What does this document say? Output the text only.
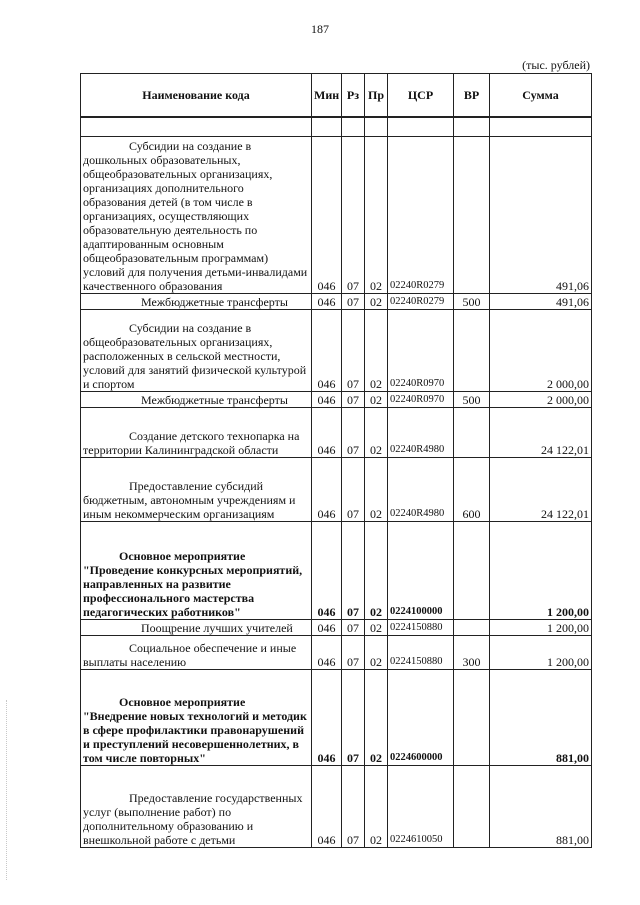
187
(тыс. рублей)
Наименование кода	Мин	Рз	Пр	ЦСР	ВР	Сумма

Субсидии на создание в дошкольных образовательных, общеобразовательных организациях, организациях дополнительного образования детей (в том числе в организациях, осуществляющих образовательную деятельность по адаптированным основным общеобразовательным программам) условий для получения детьми-инвалидами качественного образования	046	07	02	02240R0279		491,06
Межбюджетные трансферты	046	07	02	02240R0279	500	491,06
Субсидии на создание в общеобразовательных организациях, расположенных в сельской местности, условий для занятий физической культурой и спортом	046	07	02	02240R0970		2 000,00
Межбюджетные трансферты	046	07	02	02240R0970	500	2 000,00
Создание детского технопарка на территории Калининградской области	046	07	02	02240R4980		24 122,01
Предоставление субсидий бюджетным, автономным учреждениям и иным некоммерческим организациям	046	07	02	02240R4980	600	24 122,01
Основное мероприятие "Проведение конкурсных мероприятий, направленных на развитие профессионального мастерства педагогических работников"	046	07	02	0224100000		1 200,00
Поощрение лучших учителей	046	07	02	0224150880		1 200,00
Социальное обеспечение и иные выплаты населению	046	07	02	0224150880	300	1 200,00
Основное мероприятие "Внедрение новых технологий и методик в сфере профилактики правонарушений и преступлений несовершеннолетних, в том числе повторных"	046	07	02	0224600000		881,00
Предоставление государственных услуг (выполнение работ) по дополнительному образованию и внешкольной работе с детьми	046	07	02	0224610050		881,00
